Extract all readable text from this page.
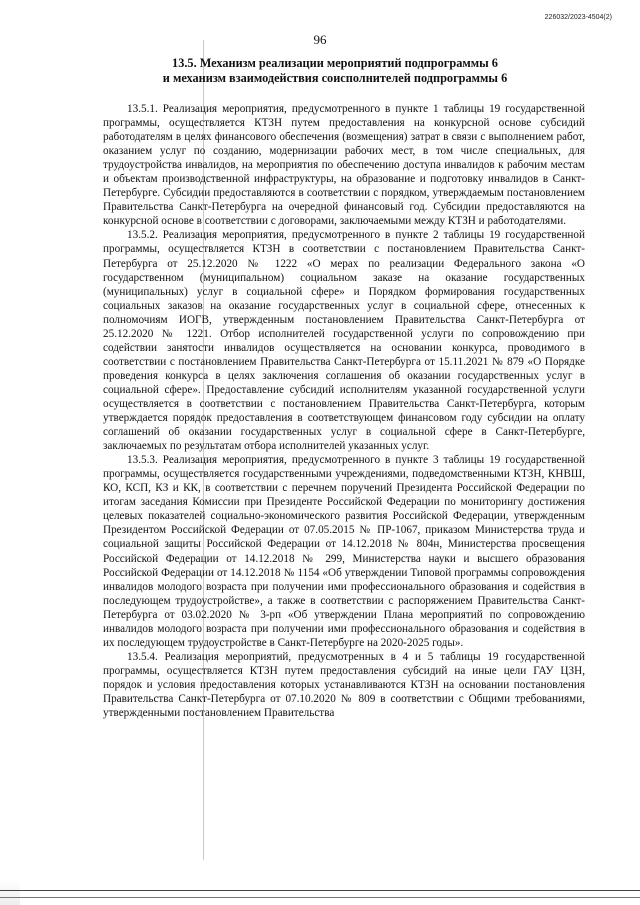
226032/2023-4504(2)
96
13.5. Механизм реализации мероприятий подпрограммы 6
и механизм взаимодействия соисполнителей подпрограммы 6

13.5.1. Реализация мероприятия, предусмотренного в пункте 1 таблицы 19 государственной программы, осуществляется КТЗН путем предоставления на конкурсной основе субсидий работодателям в целях финансового обеспечения (возмещения) затрат в связи с выполнением работ, оказанием услуг по созданию, модернизации рабочих мест, в том числе специальных, для трудоустройства инвалидов, на мероприятия по обеспечению доступа инвалидов к рабочим местам и объектам производственной инфраструктуры, на образование и подготовку инвалидов в Санкт-Петербурге. Субсидии предоставляются в соответствии с порядком, утверждаемым постановлением Правительства Санкт-Петербурга на очередной финансовый год. Субсидии предоставляются на конкурсной основе в соответствии с договорами, заключаемыми между КТЗН и работодателями.

13.5.2. Реализация мероприятия, предусмотренного в пункте 2 таблицы 19 государственной программы, осуществляется КТЗН в соответствии с постановлением Правительства Санкт-Петербурга от 25.12.2020 № 1222 «О мерах по реализации Федерального закона «О государственном (муниципальном) социальном заказе на оказание государственных (муниципальных) услуг в социальной сфере» и Порядком формирования государственных социальных заказов на оказание государственных услуг в социальной сфере, отнесенных к полномочиям ИОГВ, утвержденным постановлением Правительства Санкт-Петербурга от 25.12.2020 № 1221. Отбор исполнителей государственной услуги по сопровождению при содействии занятости инвалидов осуществляется на основании конкурса, проводимого в соответствии с постановлением Правительства Санкт-Петербурга от 15.11.2021 № 879 «О Порядке проведения конкурса в целях заключения соглашения об оказании государственных услуг в социальной сфере». Предоставление субсидий исполнителям указанной государственной услуги осуществляется в соответствии с постановлением Правительства Санкт-Петербурга, которым утверждается порядок предоставления в соответствующем финансовом году субсидии на оплату соглашений об оказании государственных услуг в социальной сфере в Санкт-Петербурге, заключаемых по результатам отбора исполнителей указанных услуг.

13.5.3. Реализация мероприятия, предусмотренного в пункте 3 таблицы 19 государственной программы, осуществляется государственными учреждениями, подведомственными КТЗН, КНВШ, КО, КСП, КЗ и КК, в соответствии с перечнем поручений Президента Российской Федерации по итогам заседания Комиссии при Президенте Российской Федерации по мониторингу достижения целевых показателей социально-экономического развития Российской Федерации, утвержденным Президентом Российской Федерации от 07.05.2015 № ПР-1067, приказом Министерства труда и социальной защиты Российской Федерации от 14.12.2018 № 804н, Министерства просвещения Российской Федерации от 14.12.2018 № 299, Министерства науки и высшего образования Российской Федерации от 14.12.2018 № 1154 «Об утверждении Типовой программы сопровождения инвалидов молодого возраста при получении ими профессионального образования и содействия в последующем трудоустройстве», а также в соответствии с распоряжением Правительства Санкт-Петербурга от 03.02.2020 № 3-рп «Об утверждении Плана мероприятий по сопровождению инвалидов молодого возраста при получении ими профессионального образования и содействия в их последующем трудоустройстве в Санкт-Петербурге на 2020-2025 годы».

13.5.4. Реализация мероприятий, предусмотренных в 4 и 5 таблицы 19 государственной программы, осуществляется КТЗН путем предоставления субсидий на иные цели ГАУ ЦЗН, порядок и условия предоставления которых устанавливаются КТЗН на основании постановления Правительства Санкт-Петербурга от 07.10.2020 № 809 в соответствии с Общими требованиями, утвержденными постановлением Правительства
